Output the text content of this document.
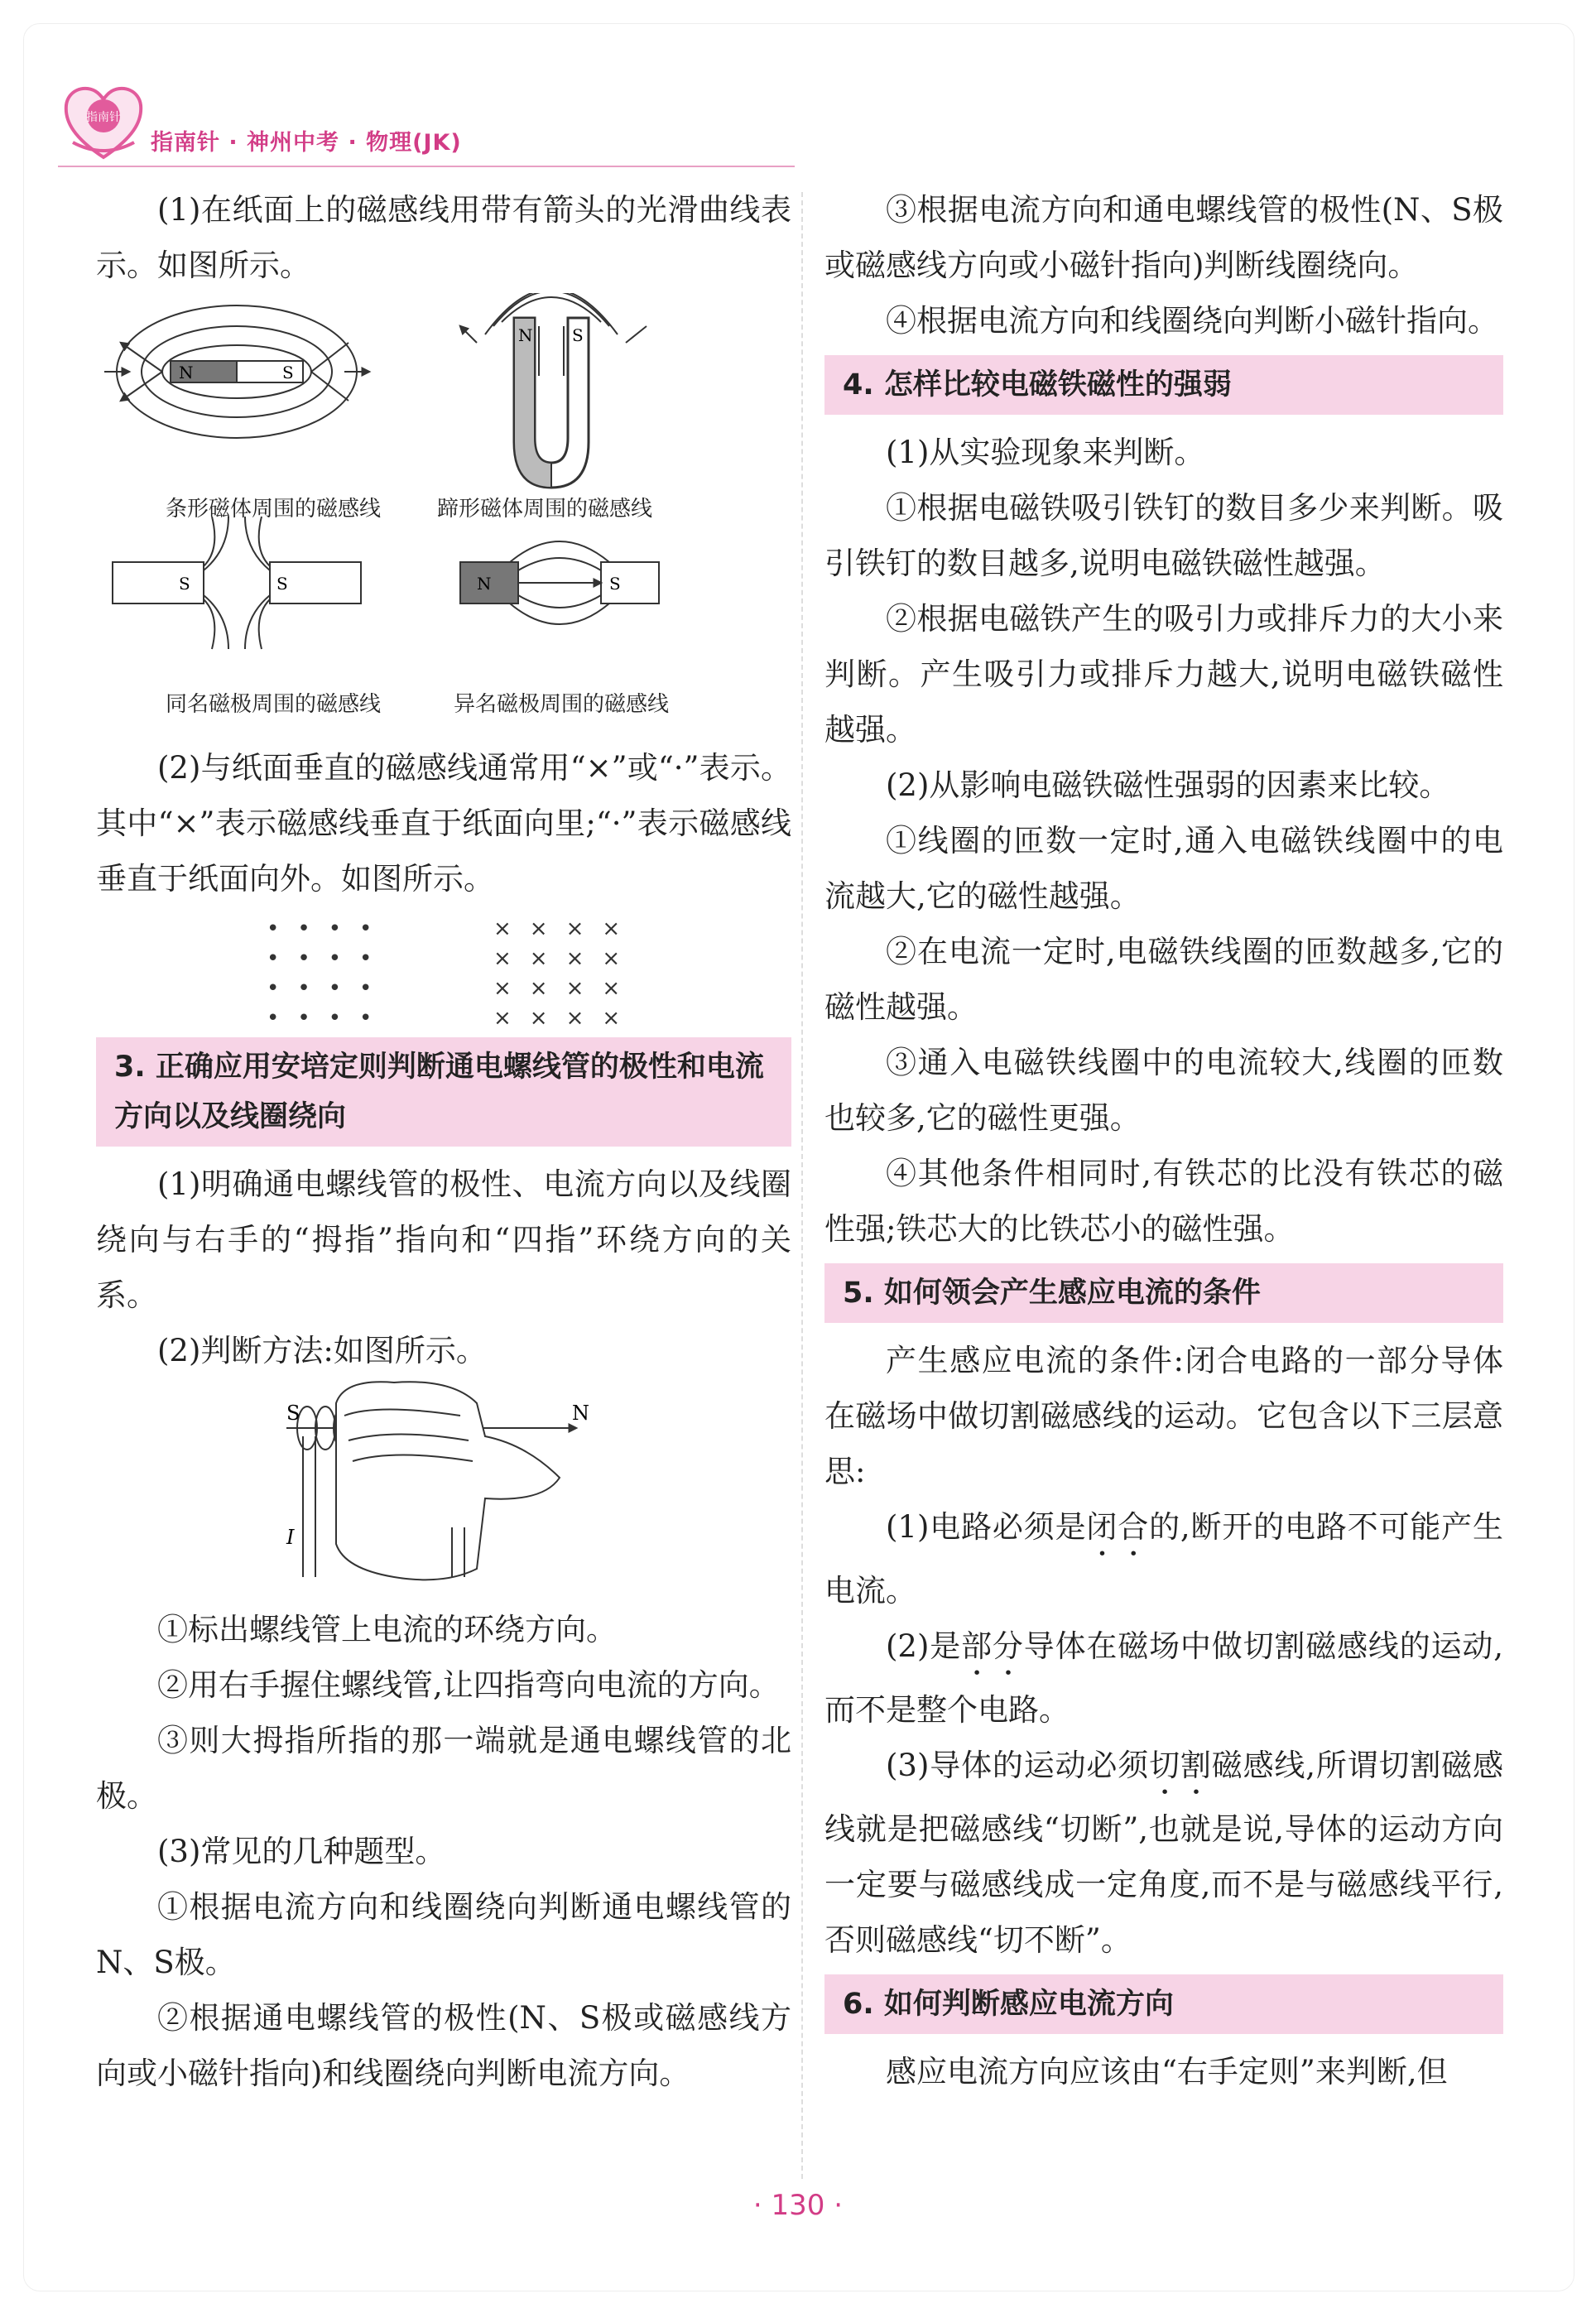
指南针
指南针 · 神州中考 · 物理(JK)

(1)在纸面上的磁感线用带有箭头的光滑曲线表示。如图所示。

N	S
N S
S	S	N	S
条形磁体周围的磁感线	蹄形磁体周围的磁感线
同名磁极周围的磁感线	异名磁极周围的磁感线

(2)与纸面垂直的磁感线通常用“×”或“·”表示。其中“×”表示磁感线垂直于纸面向里;“·”表示磁感线垂直于纸面向外。如图所示。

••••
••••
••••
••••
××××
××××
××××
××××
3. 正确应用安培定则判断通电螺线管的极性和电流方向以及线圈绕向

(1)明确通电螺线管的极性、电流方向以及线圈绕向与右手的“拇指”指向和“四指”环绕方向的关系。

(2)判断方法:如图所示。

S	N
I

①标出螺线管上电流的环绕方向。

②用右手握住螺线管,让四指弯向电流的方向。

③则大拇指所指的那一端就是通电螺线管的北极。

(3)常见的几种题型。

①根据电流方向和线圈绕向判断通电螺线管的N、S极。

②根据通电螺线管的极性(N、S极或磁感线方向或小磁针指向)和线圈绕向判断电流方向。

③根据电流方向和通电螺线管的极性(N、S极或磁感线方向或小磁针指向)判断线圈绕向。

④根据电流方向和线圈绕向判断小磁针指向。

4. 怎样比较电磁铁磁性的强弱

(1)从实验现象来判断。

①根据电磁铁吸引铁钉的数目多少来判断。吸引铁钉的数目越多,说明电磁铁磁性越强。

②根据电磁铁产生的吸引力或排斥力的大小来判断。产生吸引力或排斥力越大,说明电磁铁磁性越强。

(2)从影响电磁铁磁性强弱的因素来比较。

①线圈的匝数一定时,通入电磁铁线圈中的电流越大,它的磁性越强。

②在电流一定时,电磁铁线圈的匝数越多,它的磁性越强。

③通入电磁铁线圈中的电流较大,线圈的匝数也较多,它的磁性更强。

④其他条件相同时,有铁芯的比没有铁芯的磁性强;铁芯大的比铁芯小的磁性强。

5. 如何领会产生感应电流的条件

产生感应电流的条件:闭合电路的一部分导体在磁场中做切割磁感线的运动。它包含以下三层意思:

(1)电路必须是闭合的,断开的电路不可能产生电流。

(2)是部分导体在磁场中做切割磁感线的运动,而不是整个电路。

(3)导体的运动必须切割磁感线,所谓切割磁感线就是把磁感线“切断”,也就是说,导体的运动方向一定要与磁感线成一定角度,而不是与磁感线平行,否则磁感线“切不断”。

6. 如何判断感应电流方向

感应电流方向应该由“右手定则”来判断,但

· 130 ·
